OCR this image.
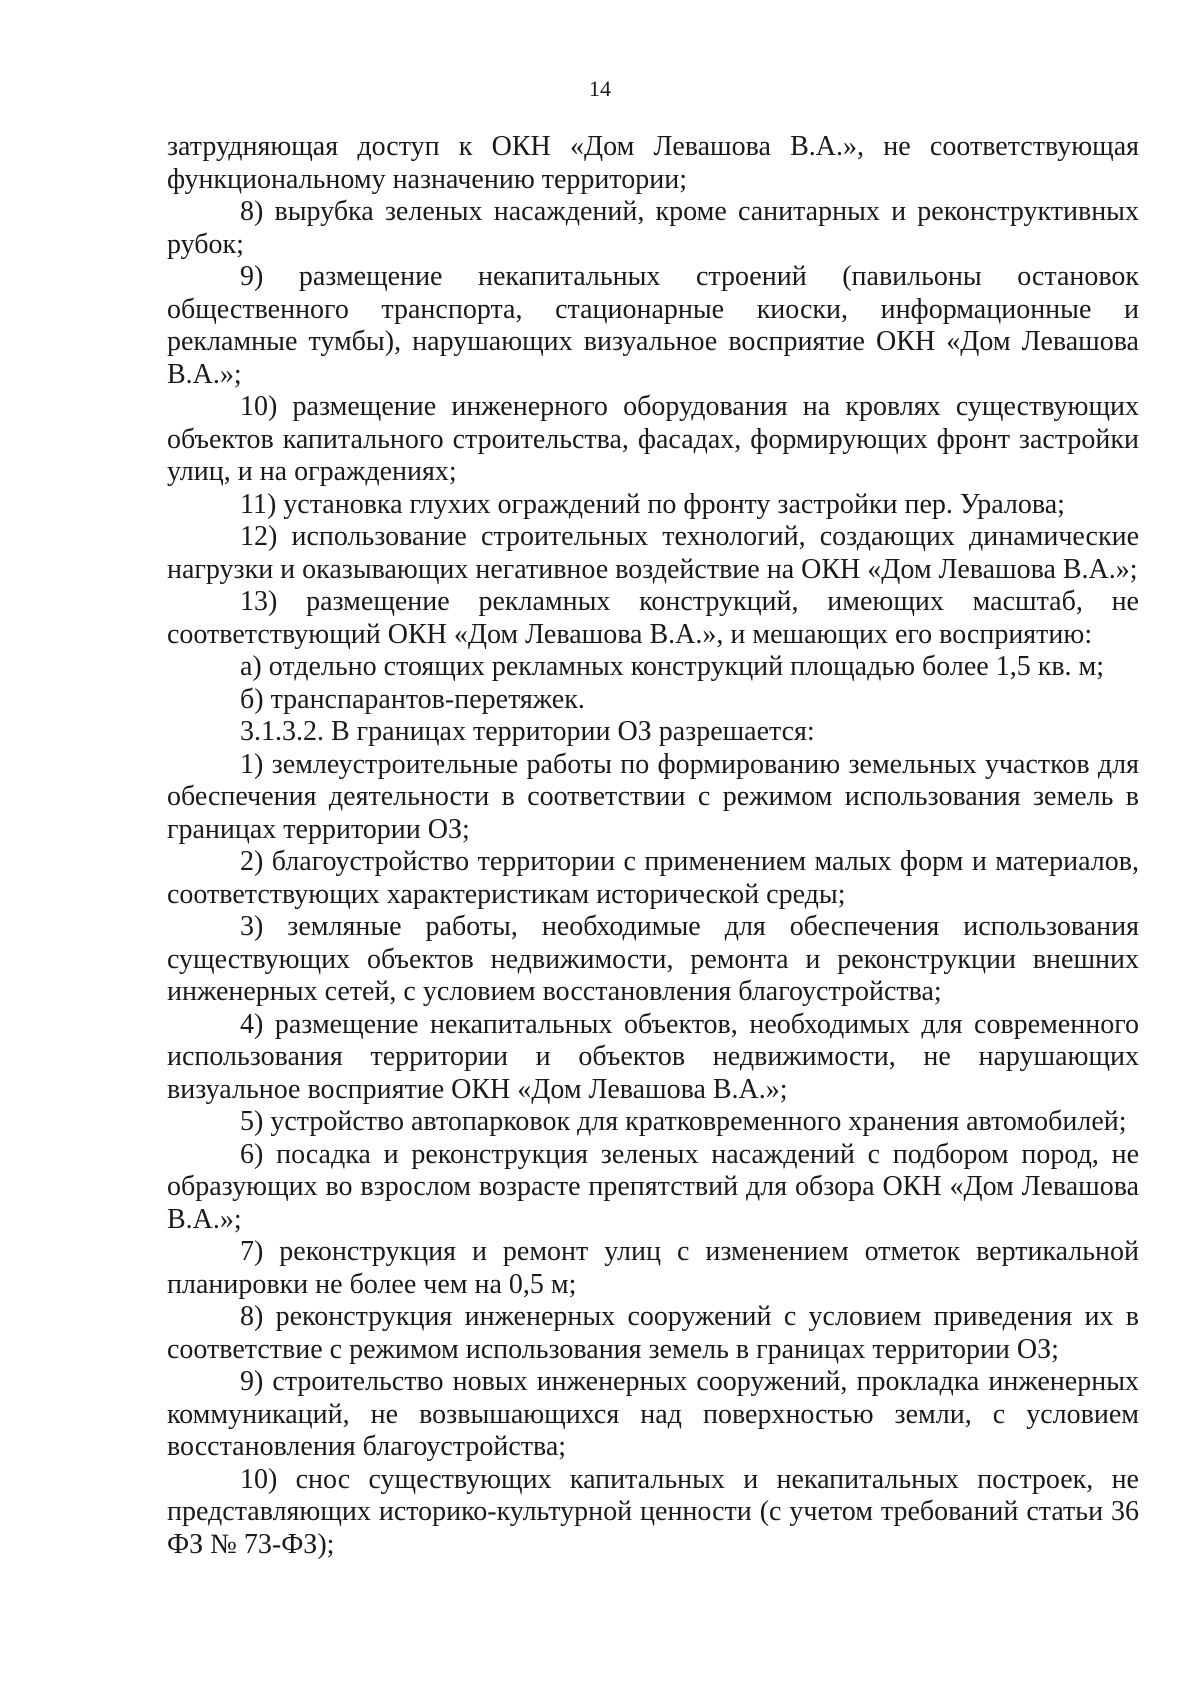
14

затрудняющая доступ к ОКН «Дом Левашова В.А.», не соответствующая функциональному назначению территории;

8) вырубка зеленых насаждений, кроме санитарных и реконструктивных рубок;

9) размещение некапитальных строений (павильоны остановок общественного транспорта, стационарные киоски, информационные и рекламные тумбы), нарушающих визуальное восприятие ОКН «Дом Левашова В.А.»;

10) размещение инженерного оборудования на кровлях существующих объектов капитального строительства, фасадах, формирующих фронт застройки улиц, и на ограждениях;

11) установка глухих ограждений по фронту застройки пер. Уралова;

12) использование строительных технологий, создающих динамические нагрузки и оказывающих негативное воздействие на ОКН «Дом Левашова В.А.»;

13) размещение рекламных конструкций, имеющих масштаб, не соответствующий ОКН «Дом Левашова В.А.», и мешающих его восприятию:

а) отдельно стоящих рекламных конструкций площадью более 1,5 кв. м;

б) транспарантов-перетяжек.

3.1.3.2. В границах территории ОЗ разрешается:

1) землеустроительные работы по формированию земельных участков для обеспечения деятельности в соответствии с режимом использования земель в границах территории ОЗ;

2) благоустройство территории с применением малых форм и материалов, соответствующих характеристикам исторической среды;

3) земляные работы, необходимые для обеспечения использования существующих объектов недвижимости, ремонта и реконструкции внешних инженерных сетей, с условием восстановления благоустройства;

4) размещение некапитальных объектов, необходимых для современного использования территории и объектов недвижимости, не нарушающих визуальное восприятие ОКН «Дом Левашова В.А.»;

5) устройство автопарковок для кратковременного хранения автомобилей;

6) посадка и реконструкция зеленых насаждений с подбором пород, не образующих во взрослом возрасте препятствий для обзора ОКН «Дом Левашова В.А.»;

7) реконструкция и ремонт улиц с изменением отметок вертикальной планировки не более чем на 0,5 м;

8) реконструкция инженерных сооружений с условием приведения их в соответствие с режимом использования земель в границах территории ОЗ;

9) строительство новых инженерных сооружений, прокладка инженерных коммуникаций, не возвышающихся над поверхностью земли, с условием восстановления благоустройства;

10) снос существующих капитальных и некапитальных построек, не представляющих историко-культурной ценности (с учетом требований статьи 36 ФЗ № 73-ФЗ);
